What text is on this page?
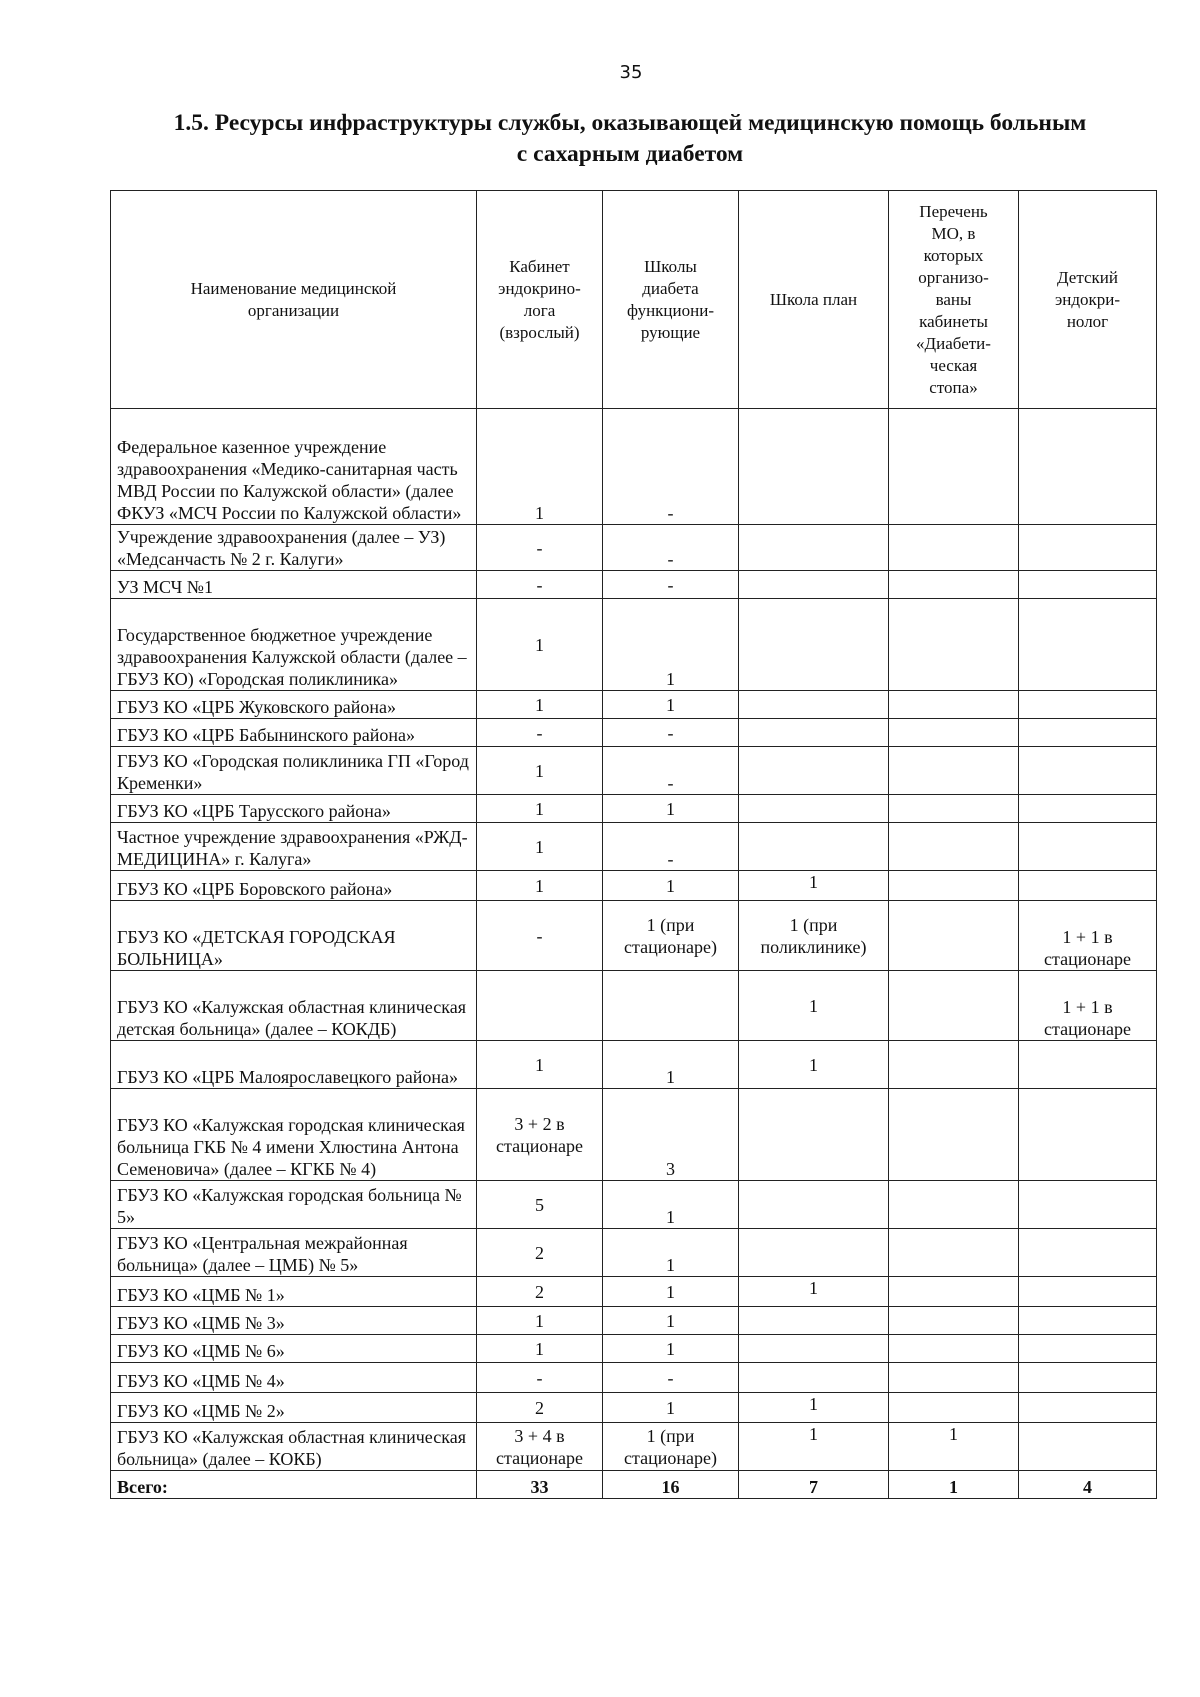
35
1.5. Ресурсы инфраструктуры службы, оказывающей медицинскую помощь больным
с сахарным диабетом
Наименование медицинской организации	Кабинет эндокрино-лога (взрослый)	Школы диабета функциони-рующие	Школа план	Перечень МО, в которых организо-ваны кабинеты «Диабети-ческая стопа»	Детский эндокри-нолог
Федеральное казенное учреждение здравоохранения «Медико-санитарная часть МВД России по Калужской области» (далее ФКУЗ «МСЧ России по Калужской области»	1	-			
Учреждение здравоохранения (далее – УЗ) «Медсанчасть № 2 г. Калуги»	-	-			
УЗ МСЧ №1	-	-			
Государственное бюджетное учреждение здравоохранения Калужской области (далее – ГБУЗ КО) «Городская поликлиника»	1	1			
ГБУЗ КО «ЦРБ Жуковского района»	1	1			
ГБУЗ КО «ЦРБ Бабынинского района»	-	-			
ГБУЗ КО «Городская поликлиника ГП «Город Кременки»	1	-			
ГБУЗ КО «ЦРБ Тарусского района»	1	1			
Частное учреждение здравоохранения «РЖД-МЕДИЦИНА» г. Калуга»	1	-			
ГБУЗ КО «ЦРБ Боровского района»	1	1	1		
ГБУЗ КО «ДЕТСКАЯ ГОРОДСКАЯ БОЛЬНИЦА»	-	1 (при стационаре)	1 (при поликлинике)		1 + 1 в стационаре
ГБУЗ КО «Калужская областная клиническая детская больница» (далее – КОКДБ)			1		1 + 1 в стационаре
ГБУЗ КО «ЦРБ Малоярославецкого района»	1	1	1		
ГБУЗ КО «Калужская городская клиническая больница ГКБ № 4 имени Хлюстина Антона Семеновича» (далее – КГКБ № 4)	3 + 2 в стационаре	3			
ГБУЗ КО «Калужская городская больница № 5»	5	1			
ГБУЗ КО «Центральная межрайонная больница» (далее – ЦМБ) № 5»	2	1			
ГБУЗ КО «ЦМБ № 1»	2	1	1		
ГБУЗ КО «ЦМБ № 3»	1	1			
ГБУЗ КО «ЦМБ № 6»	1	1			
ГБУЗ КО «ЦМБ № 4»	-	-			
ГБУЗ КО «ЦМБ № 2»	2	1	1		
ГБУЗ КО «Калужская областная клиническая больница» (далее – КОКБ)	3 + 4 в стационаре	1 (при стационаре)	1	1	
Всего:	33	16	7	1	4
